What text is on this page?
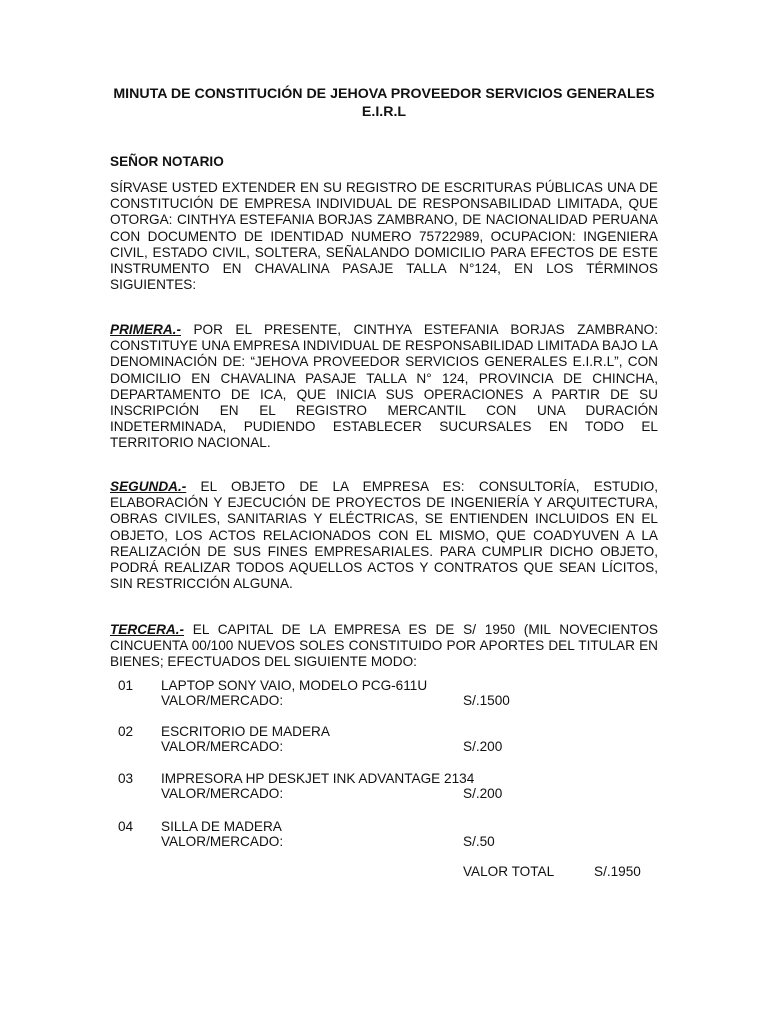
MINUTA DE CONSTITUCIÓN DE JEHOVA PROVEEDOR SERVICIOS GENERALES E.I.R.L
SEÑOR NOTARIO

SÍRVASE USTED EXTENDER EN SU REGISTRO DE ESCRITURAS PÚBLICAS UNA DE CONSTITUCIÓN DE EMPRESA INDIVIDUAL DE RESPONSABILIDAD LIMITADA, QUE OTORGA: CINTHYA ESTEFANIA BORJAS ZAMBRANO, DE NACIONALIDAD PERUANA CON DOCUMENTO DE IDENTIDAD NUMERO 75722989, OCUPACION: INGENIERA CIVIL, ESTADO CIVIL, SOLTERA, SEÑALANDO DOMICILIO PARA EFECTOS DE ESTE INSTRUMENTO EN CHAVALINA PASAJE TALLA N°124, EN LOS TÉRMINOS SIGUIENTES:

PRIMERA.- POR EL PRESENTE, CINTHYA ESTEFANIA BORJAS ZAMBRANO: CONSTITUYE UNA EMPRESA INDIVIDUAL DE RESPONSABILIDAD LIMITADA BAJO LA DENOMINACIÓN DE: “JEHOVA PROVEEDOR SERVICIOS GENERALES E.I.R.L”, CON DOMICILIO EN CHAVALINA PASAJE TALLA N° 124, PROVINCIA DE CHINCHA, DEPARTAMENTO DE ICA, QUE INICIA SUS OPERACIONES A PARTIR DE SU INSCRIPCIÓN EN EL REGISTRO MERCANTIL CON UNA DURACIÓN INDETERMINADA, PUDIENDO ESTABLECER SUCURSALES EN TODO EL TERRITORIO NACIONAL.

SEGUNDA.- EL OBJETO DE LA EMPRESA ES: CONSULTORÍA, ESTUDIO, ELABORACIÓN Y EJECUCIÓN DE PROYECTOS DE INGENIERÍA Y ARQUITECTURA, OBRAS CIVILES, SANITARIAS Y ELÉCTRICAS, SE ENTIENDEN INCLUIDOS EN EL OBJETO, LOS ACTOS RELACIONADOS CON EL MISMO, QUE COADYUVEN A LA REALIZACIÓN DE SUS FINES EMPRESARIALES. PARA CUMPLIR DICHO OBJETO, PODRÁ REALIZAR TODOS AQUELLOS ACTOS Y CONTRATOS QUE SEAN LÍCITOS, SIN RESTRICCIÓN ALGUNA.

TERCERA.- EL CAPITAL DE LA EMPRESA ES DE S/ 1950 (MIL NOVECIENTOS CINCUENTA 00/100 NUEVOS SOLES CONSTITUIDO POR APORTES DEL TITULAR EN BIENES; EFECTUADOS DEL SIGUIENTE MODO:

01 LAPTOP SONY VAIO, MODELO PCG-611U
VALOR/MERCADO:	S/.1500
02 ESCRITORIO DE MADERA
VALOR/MERCADO:	S/.200
03 IMPRESORA HP DESKJET INK ADVANTAGE 2134
VALOR/MERCADO:	S/.200
04 SILLA DE MADERA
VALOR/MERCADO:	S/.50
VALOR TOTAL	S/.1950
